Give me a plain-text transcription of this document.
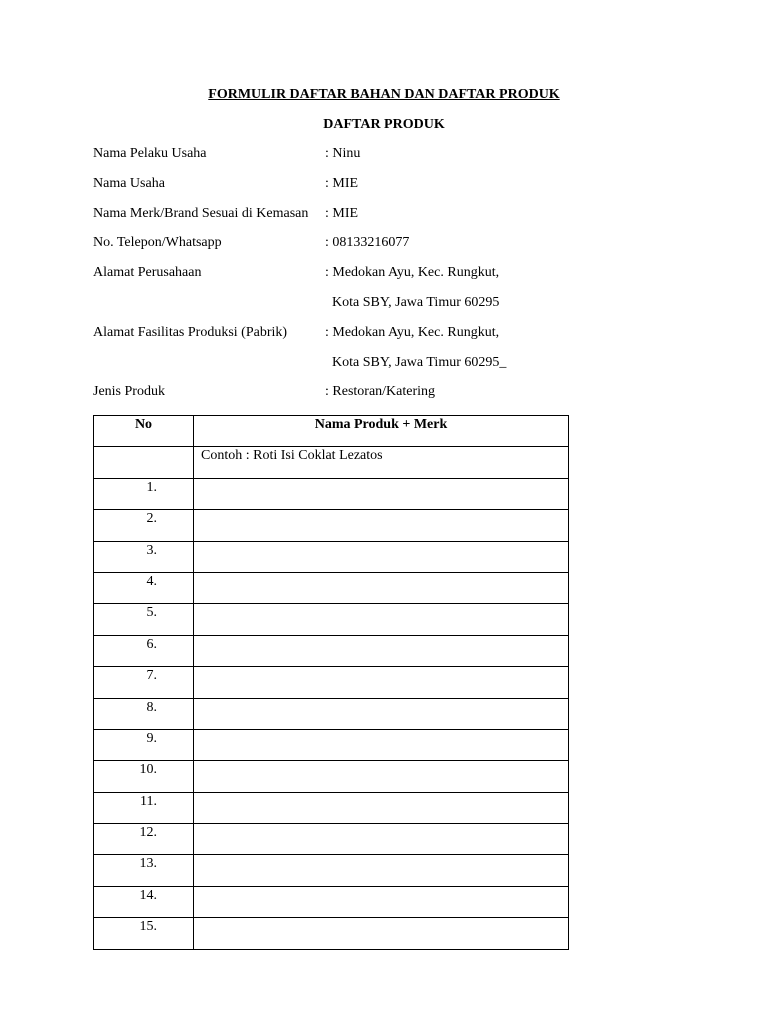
FORMULIR DAFTAR BAHAN DAN DAFTAR PRODUK
DAFTAR PRODUK
Nama Pelaku Usaha	: Ninu
Nama Usaha	: MIE
Nama Merk/Brand Sesuai di Kemasan : MIE
No. Telepon/Whatsapp	: 08133216077
Alamat Perusahaan	: Medokan Ayu, Kec. Rungkut,
Kota SBY, Jawa Timur 60295
Alamat Fasilitas Produksi (Pabrik)	: Medokan Ayu, Kec. Rungkut,
Kota SBY, Jawa Timur 60295_
Jenis Produk	: Restoran/Katering
No	Nama Produk + Merk
	Contoh : Roti Isi Coklat Lezatos
1.	
2.	
3.	
4.	
5.	
6.	
7.	
8.	
9.	
10.	
11.	
12.	
13.	
14.	
15.	
